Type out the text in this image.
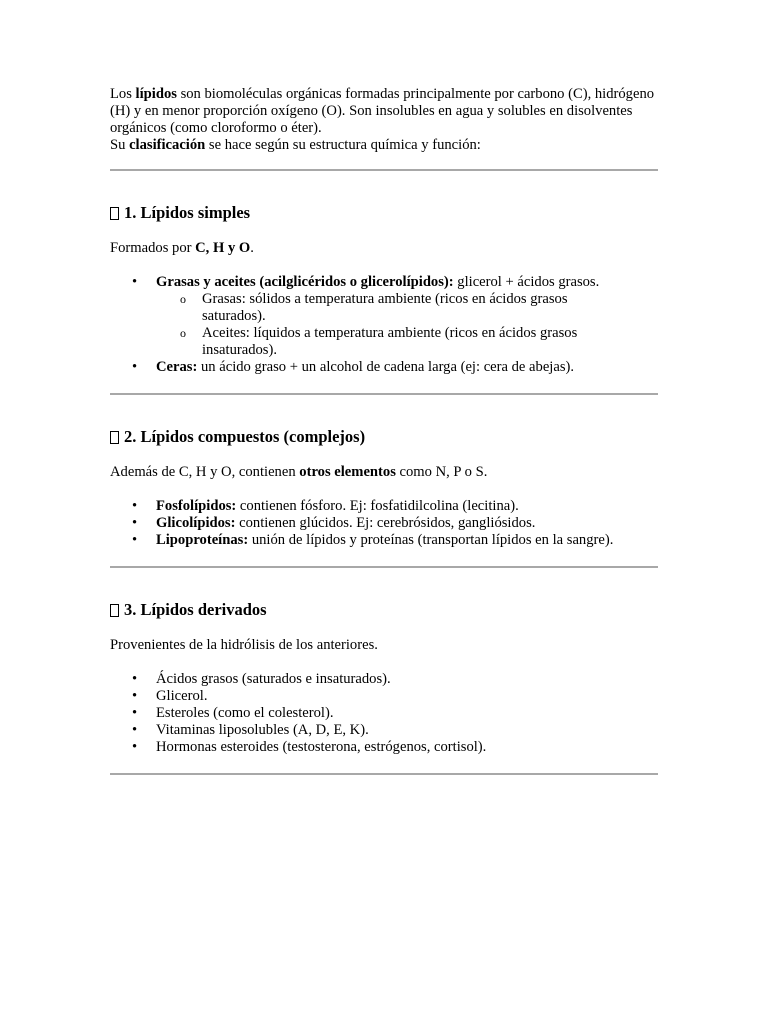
Los lípidos son biomoléculas orgánicas formadas principalmente por carbono (C), hidrógeno (H) y en menor proporción oxígeno (O). Son insolubles en agua y solubles en disolventes orgánicos (como cloroformo o éter).

Su clasificación se hace según su estructura química y función:

1. Lípidos simples

Formados por C, H y O.

• Grasas y aceites (acilglicéridos o glicerolípidos): glicerol + ácidos grasos.
o Grasas: sólidos a temperatura ambiente (ricos en ácidos grasos saturados).
o Aceites: líquidos a temperatura ambiente (ricos en ácidos grasos insaturados).
• Ceras: un ácido graso + un alcohol de cadena larga (ej: cera de abejas).
2. Lípidos compuestos (complejos)

Además de C, H y O, contienen otros elementos como N, P o S.

• Fosfolípidos: contienen fósforo. Ej: fosfatidilcolina (lecitina).
• Glicolípidos: contienen glúcidos. Ej: cerebrósidos, gangliósidos.
• Lipoproteínas: unión de lípidos y proteínas (transportan lípidos en la sangre).
3. Lípidos derivados

Provenientes de la hidrólisis de los anteriores.

• Ácidos grasos (saturados e insaturados).
• Glicerol.
• Esteroles (como el colesterol).
• Vitaminas liposolubles (A, D, E, K).
• Hormonas esteroides (testosterona, estrógenos, cortisol).
